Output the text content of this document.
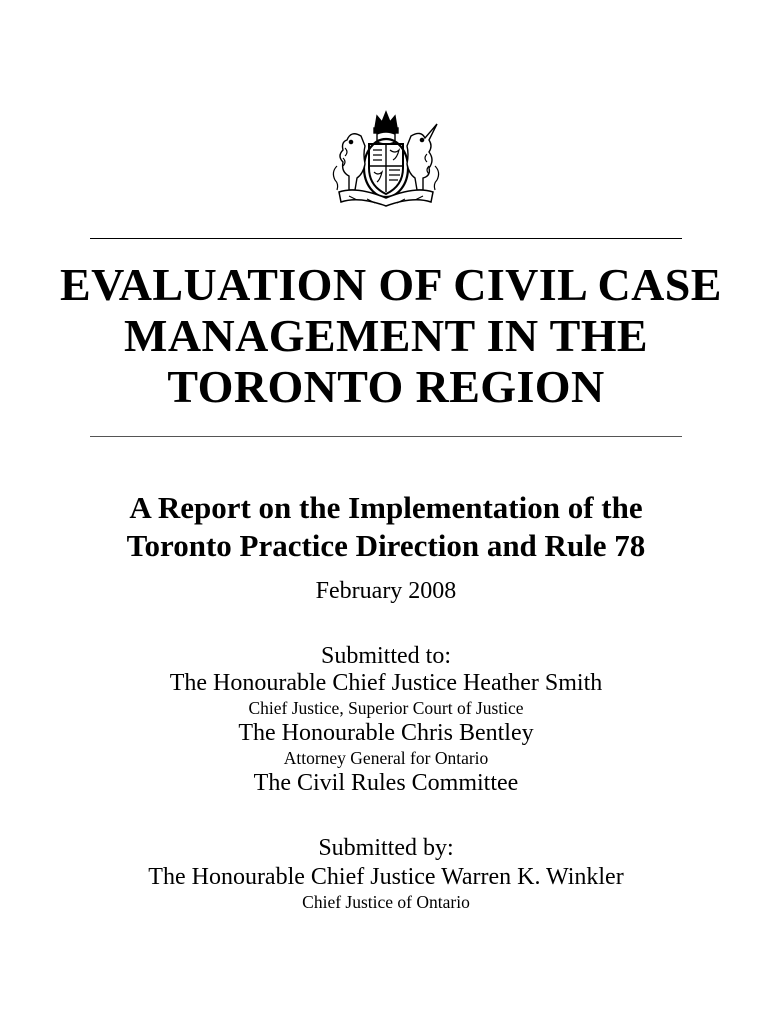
EVALUATION OF CIVIL CASE
MANAGEMENT IN THE
TORONTO REGION
A Report on the Implementation of the
Toronto Practice Direction and Rule 78

February 2008

Submitted to:

The Honourable Chief Justice Heather Smith

Chief Justice, Superior Court of Justice

The Honourable Chris Bentley

Attorney General for Ontario

The Civil Rules Committee

Submitted by:

The Honourable Chief Justice Warren K. Winkler

Chief Justice of Ontario
